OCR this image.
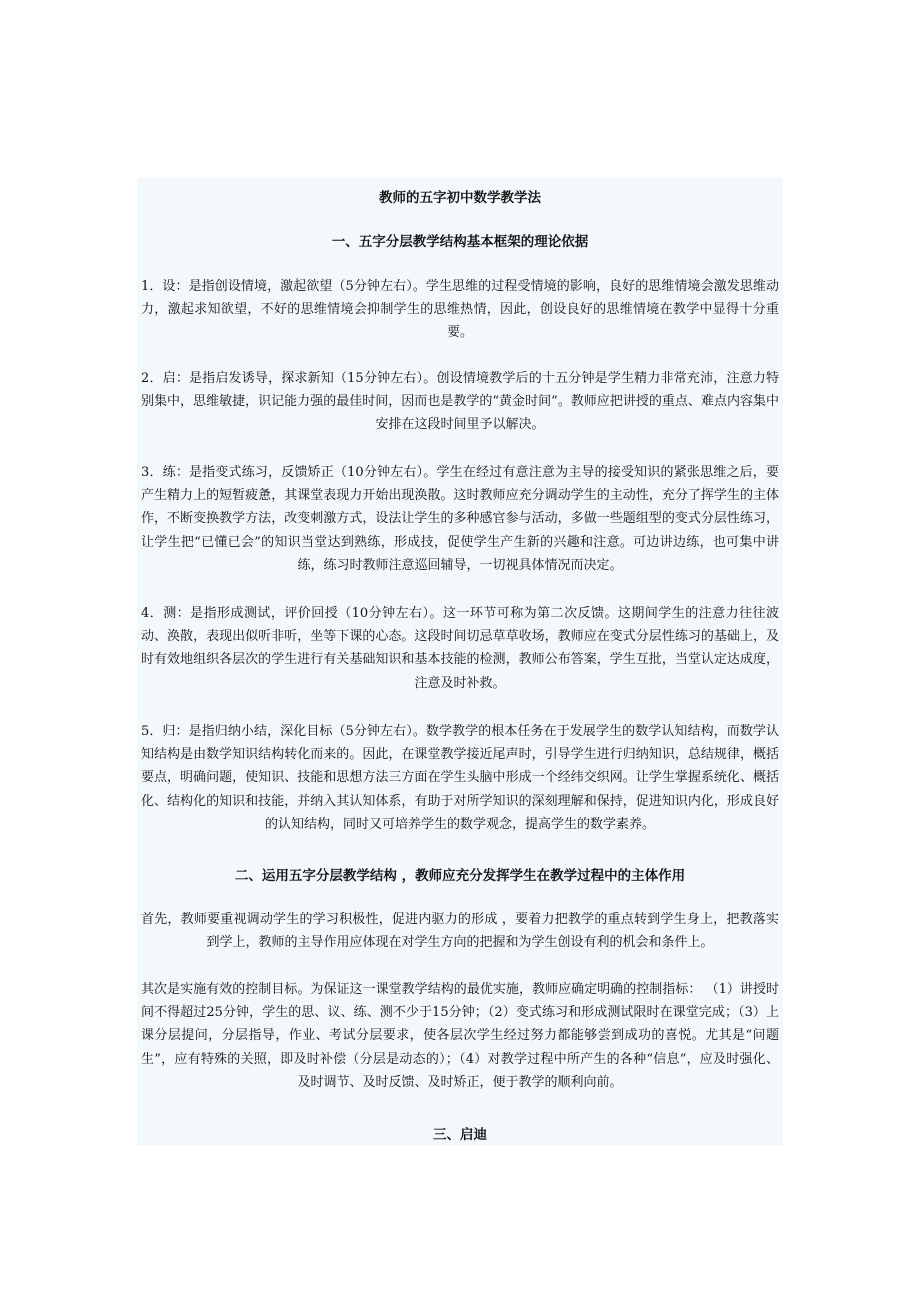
教师的五字初中数学教学法

一、五字分层教学结构基本框架的理论依据

1．设：是指创设情境，激起欲望（5分钟左右）。学生思维的过程受情境的影响，良好的思维情境会激发思维动力，激起求知欲望，不好的思维情境会抑制学生的思维热情，因此，创设良好的思维情境在教学中显得十分重要。

2．启：是指启发诱导，探求新知（15分钟左右）。创设情境教学后的十五分钟是学生精力非常充沛，注意力特别集中，思维敏捷，识记能力强的最佳时间，因而也是教学的“黄金时间”。教师应把讲授的重点、难点内容集中安排在这段时间里予以解决。

3．练：是指变式练习，反馈矫正（10分钟左右）。学生在经过有意注意为主导的接受知识的紧张思维之后，要产生精力上的短暂疲惫，其课堂表现力开始出现涣散。这时教师应充分调动学生的主动性，充分了挥学生的主体作，不断变换教学方法，改变刺激方式，设法让学生的多种感官参与活动，多做一些题组型的变式分层性练习，让学生把“已懂已会”的知识当堂达到熟练，形成技，促使学生产生新的兴趣和注意。可边讲边练，也可集中讲练，练习时教师注意巡回辅导，一切视具体情况而决定。

4．测：是指形成测试，评价回授（10分钟左右）。这一环节可称为第二次反馈。这期间学生的注意力往往波动、涣散，表现出似听非听，坐等下课的心态。这段时间切忌草草收场，教师应在变式分层性练习的基础上，及时有效地组织各层次的学生进行有关基础知识和基本技能的检测，教师公布答案，学生互批，当堂认定达成度，注意及时补救。

5．归：是指归纳小结，深化目标（5分钟左右）。数学教学的根本任务在于发展学生的数学认知结构，而数学认知结构是由数学知识结构转化而来的。因此，在课堂教学接近尾声时，引导学生进行归纳知识，总结规律，概括要点，明确问题，使知识、技能和思想方法三方面在学生头脑中形成一个经纬交织网。让学生掌握系统化、概括化、结构化的知识和技能，并纳入其认知体系，有助于对所学知识的深刻理解和保持，促进知识内化，形成良好的认知结构，同时又可培养学生的数学观念，提高学生的数学素养。

二、运用五字分层教学结构 ，教师应充分发挥学生在教学过程中的主体作用

首先，教师要重视调动学生的学习积极性，促进内驱力的形成 ，要着力把教学的重点转到学生身上，把教落实到学上，教师的主导作用应体现在对学生方向的把握和为学生创设有利的机会和条件上。

其次是实施有效的控制目标。为保证这一课堂教学结构的最优实施，教师应确定明确的控制指标： （1）讲授时间不得超过25分钟，学生的思、议、练、测不少于15分钟；（2）变式练习和形成测试限时在课堂完成；（3）上课分层提问，分层指导，作业、考试分层要求，使各层次学生经过努力都能够尝到成功的喜悦。尤其是“问题生”，应有特殊的关照，即及时补偿（分层是动态的）；（4）对教学过程中所产生的各种“信息”，应及时强化、及时调节、及时反馈、及时矫正，便于教学的顺利向前。

三、启迪
